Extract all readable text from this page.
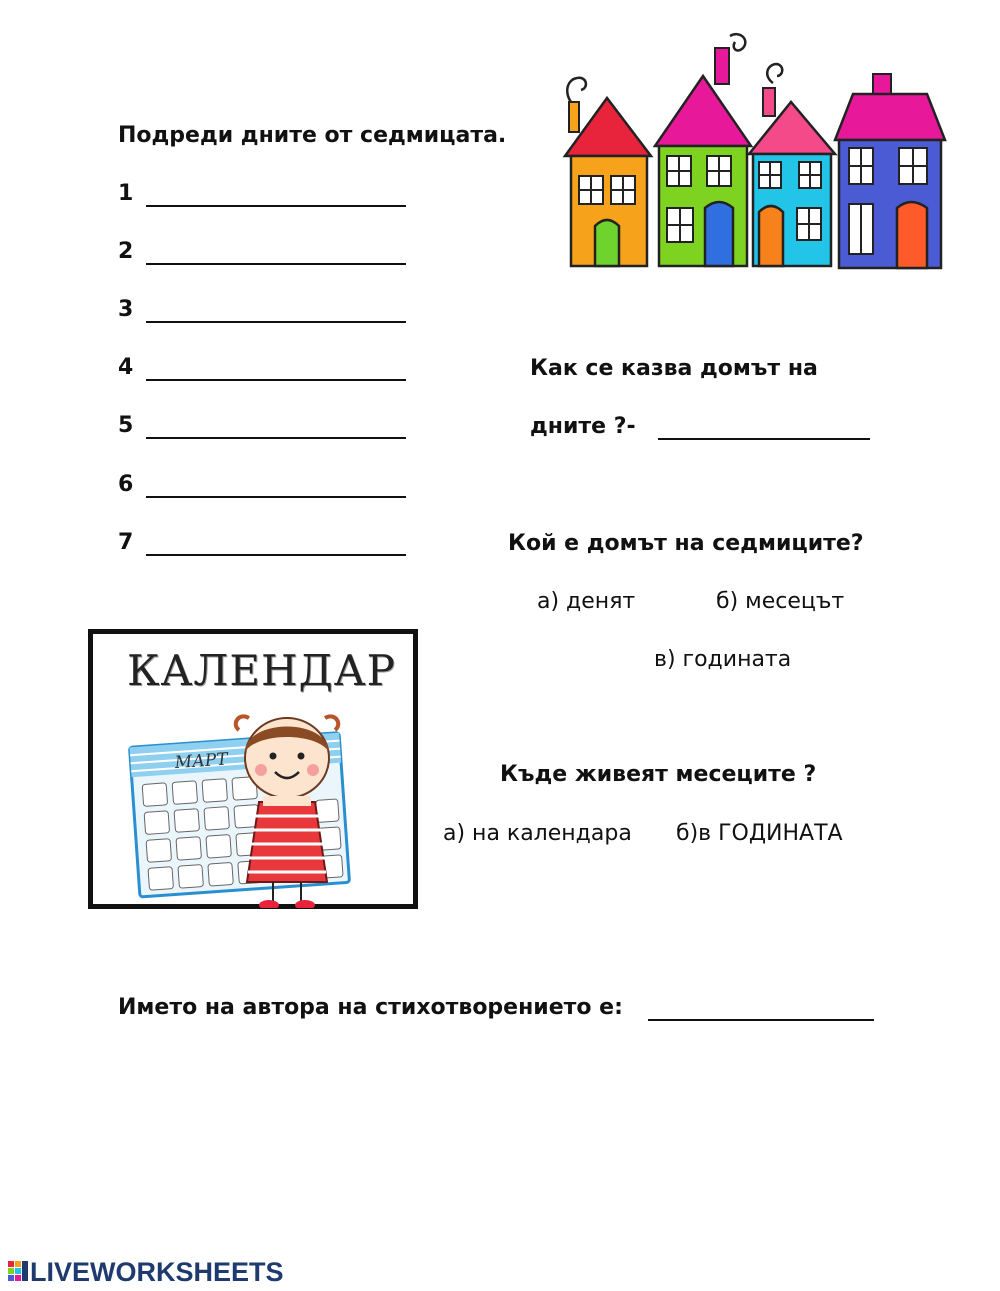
Подреди дните от седмицата.
1
2
3
4
5
6
7
Как се казва домът на
дните ?-
Кой е домът на седмиците?
а) денят	б) месецът
в) годината
КАЛЕНДАР
МАРТ
Къде живеят месеците ?
а) на календара б)в ГОДИНАТА
Името на автора на стихотворението е:
LIVEWORKSHEETS
